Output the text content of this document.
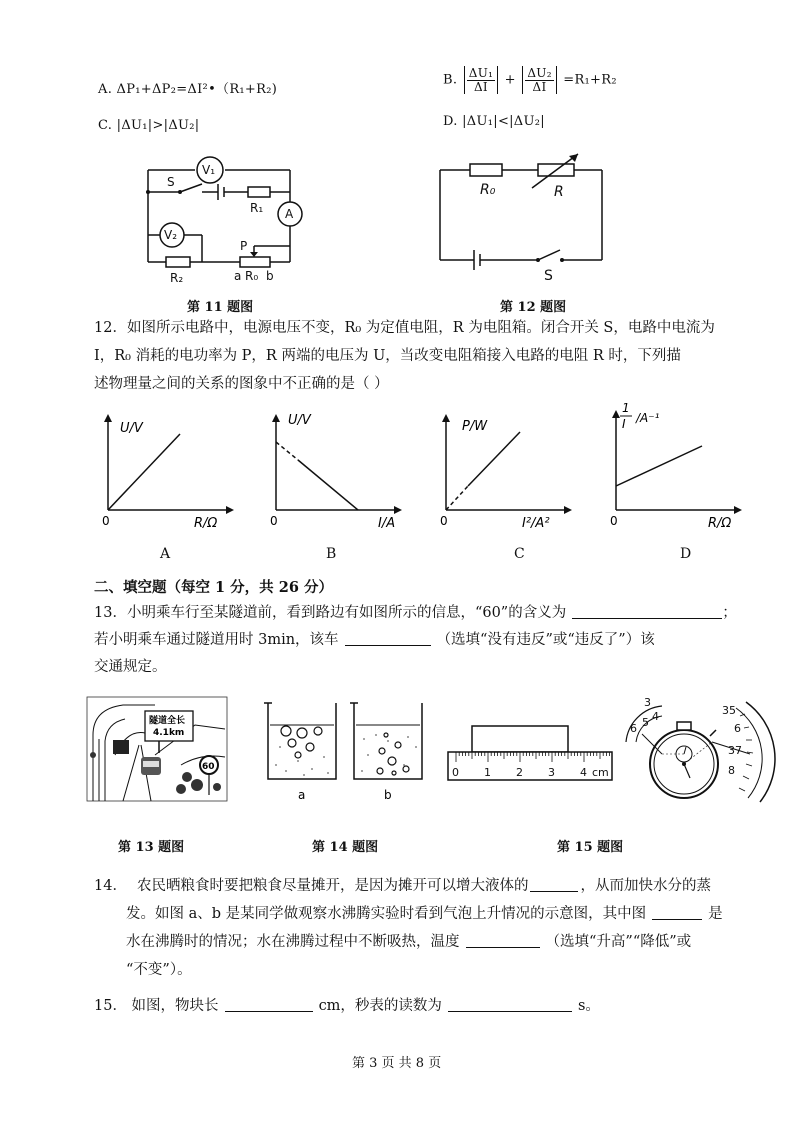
A. ΔP₁+ΔP₂=ΔI²•（R₁+R₂)
B. $\frac{\text{ΔU₁}}{\Delta I} + \frac{\text{ΔU₂}}{\Delta I} =R_1+R_2$
C. |ΔU₁|>|ΔU₂|	D. |ΔU₁|<|ΔU₂|
S
R₁ A
V₁
V₂
P
R₂	a R₀ b
R₀	R
S
第 11 题图	第 12 题图
12．如图所示电路中，电源电压不变，R₀ 为定值电阻，R 为电阻箱。闭合开关 S，电路中电流为
I，R₀ 消耗的电功率为 P，R 两端的电压为 U，当改变电阻箱接入电路的电阻 R 时，下列描
述物理量之间的关系的图象中不正确的是（ ）
U/V
R/Ω
0
U/V
I/A
0
P/W
I²/A²
0
1
I /A⁻¹
R/Ω
0
A	B	C	D
二、填空题（每空 1 分，共 26 分）
13．小明乘车行至某隧道前，看到路边有如图所示的信息，“60”的含义为	；
若小明乘车通过隧道用时 3min，该车	（选填“没有违反”或“违反了”）该
交通规定。
隧道全长
4.1km
60
a	b
0 1 2 3 4 cm
3
4
5
6
35
6
37
8
第 13 题图	第 14 题图	第 15 题图
14． 农民晒粮食时要把粮食尽量摊开，是因为摊开可以增大液体的	，从而加快水分的蒸
发。如图 a、b 是某同学做观察水沸腾实验时看到气泡上升情况的示意图，其中图	是
水在沸腾时的情况；水在沸腾过程中不断吸热，温度	（选填“升高”“降低”或
“不变”）。
15． 如图，物块长	cm，秒表的读数为	s。
第 3 页 共 8 页
